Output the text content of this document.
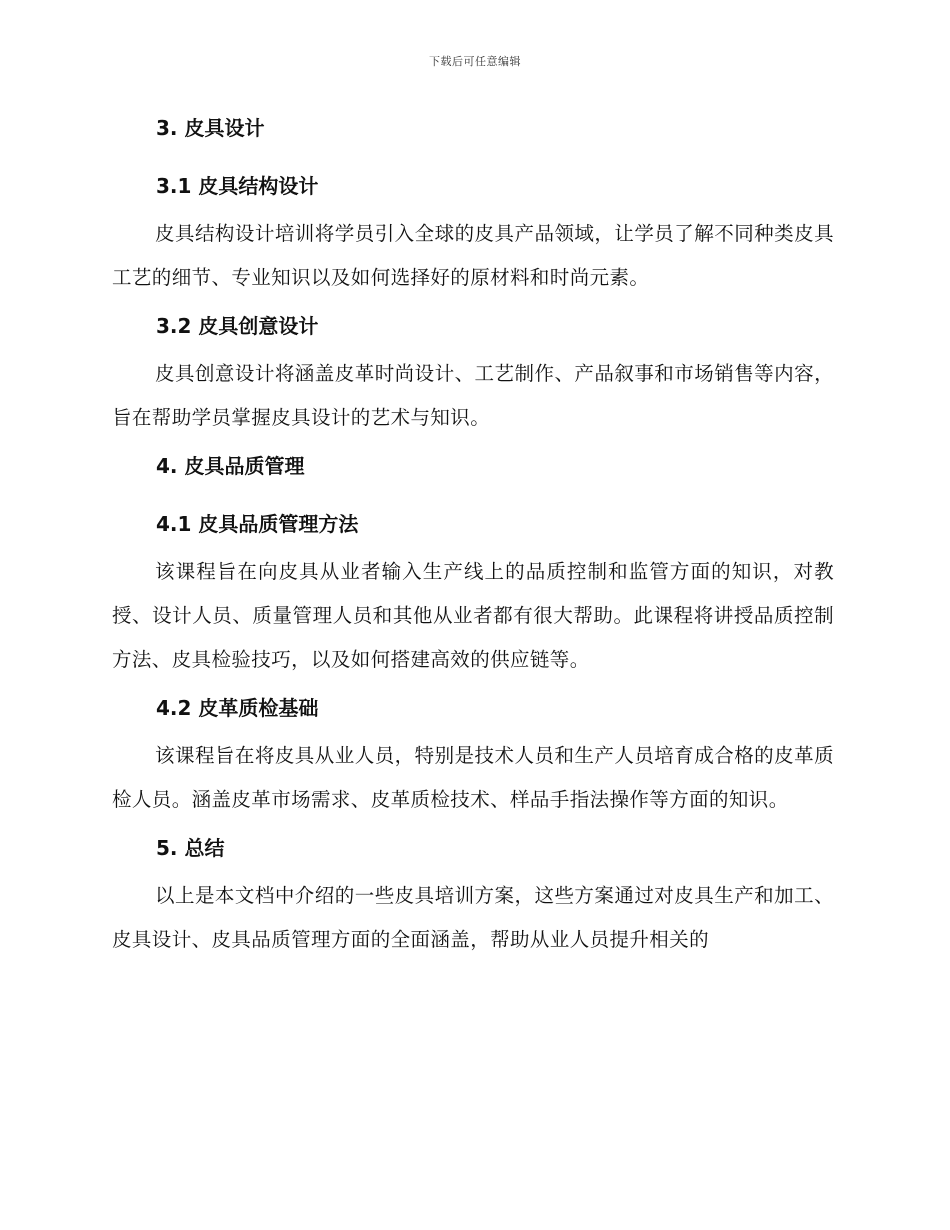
下载后可任意编辑

3. 皮具设计

3.1 皮具结构设计

皮具结构设计培训将学员引入全球的皮具产品领域，让学员了解不同种类皮具工艺的细节、专业知识以及如何选择好的原材料和时尚元素。

3.2 皮具创意设计

皮具创意设计将涵盖皮革时尚设计、工艺制作、产品叙事和市场销售等内容，旨在帮助学员掌握皮具设计的艺术与知识。

4. 皮具品质管理

4.1 皮具品质管理方法

该课程旨在向皮具从业者输入生产线上的品质控制和监管方面的知识，对教授、设计人员、质量管理人员和其他从业者都有很大帮助。此课程将讲授品质控制方法、皮具检验技巧，以及如何搭建高效的供应链等。

4.2 皮革质检基础

该课程旨在将皮具从业人员，特别是技术人员和生产人员培育成合格的皮革质检人员。涵盖皮革市场需求、皮革质检技术、样品手指法操作等方面的知识。

5. 总结

以上是本文档中介绍的一些皮具培训方案，这些方案通过对皮具生产和加工、皮具设计、皮具品质管理方面的全面涵盖，帮助从业人员提升相关的
